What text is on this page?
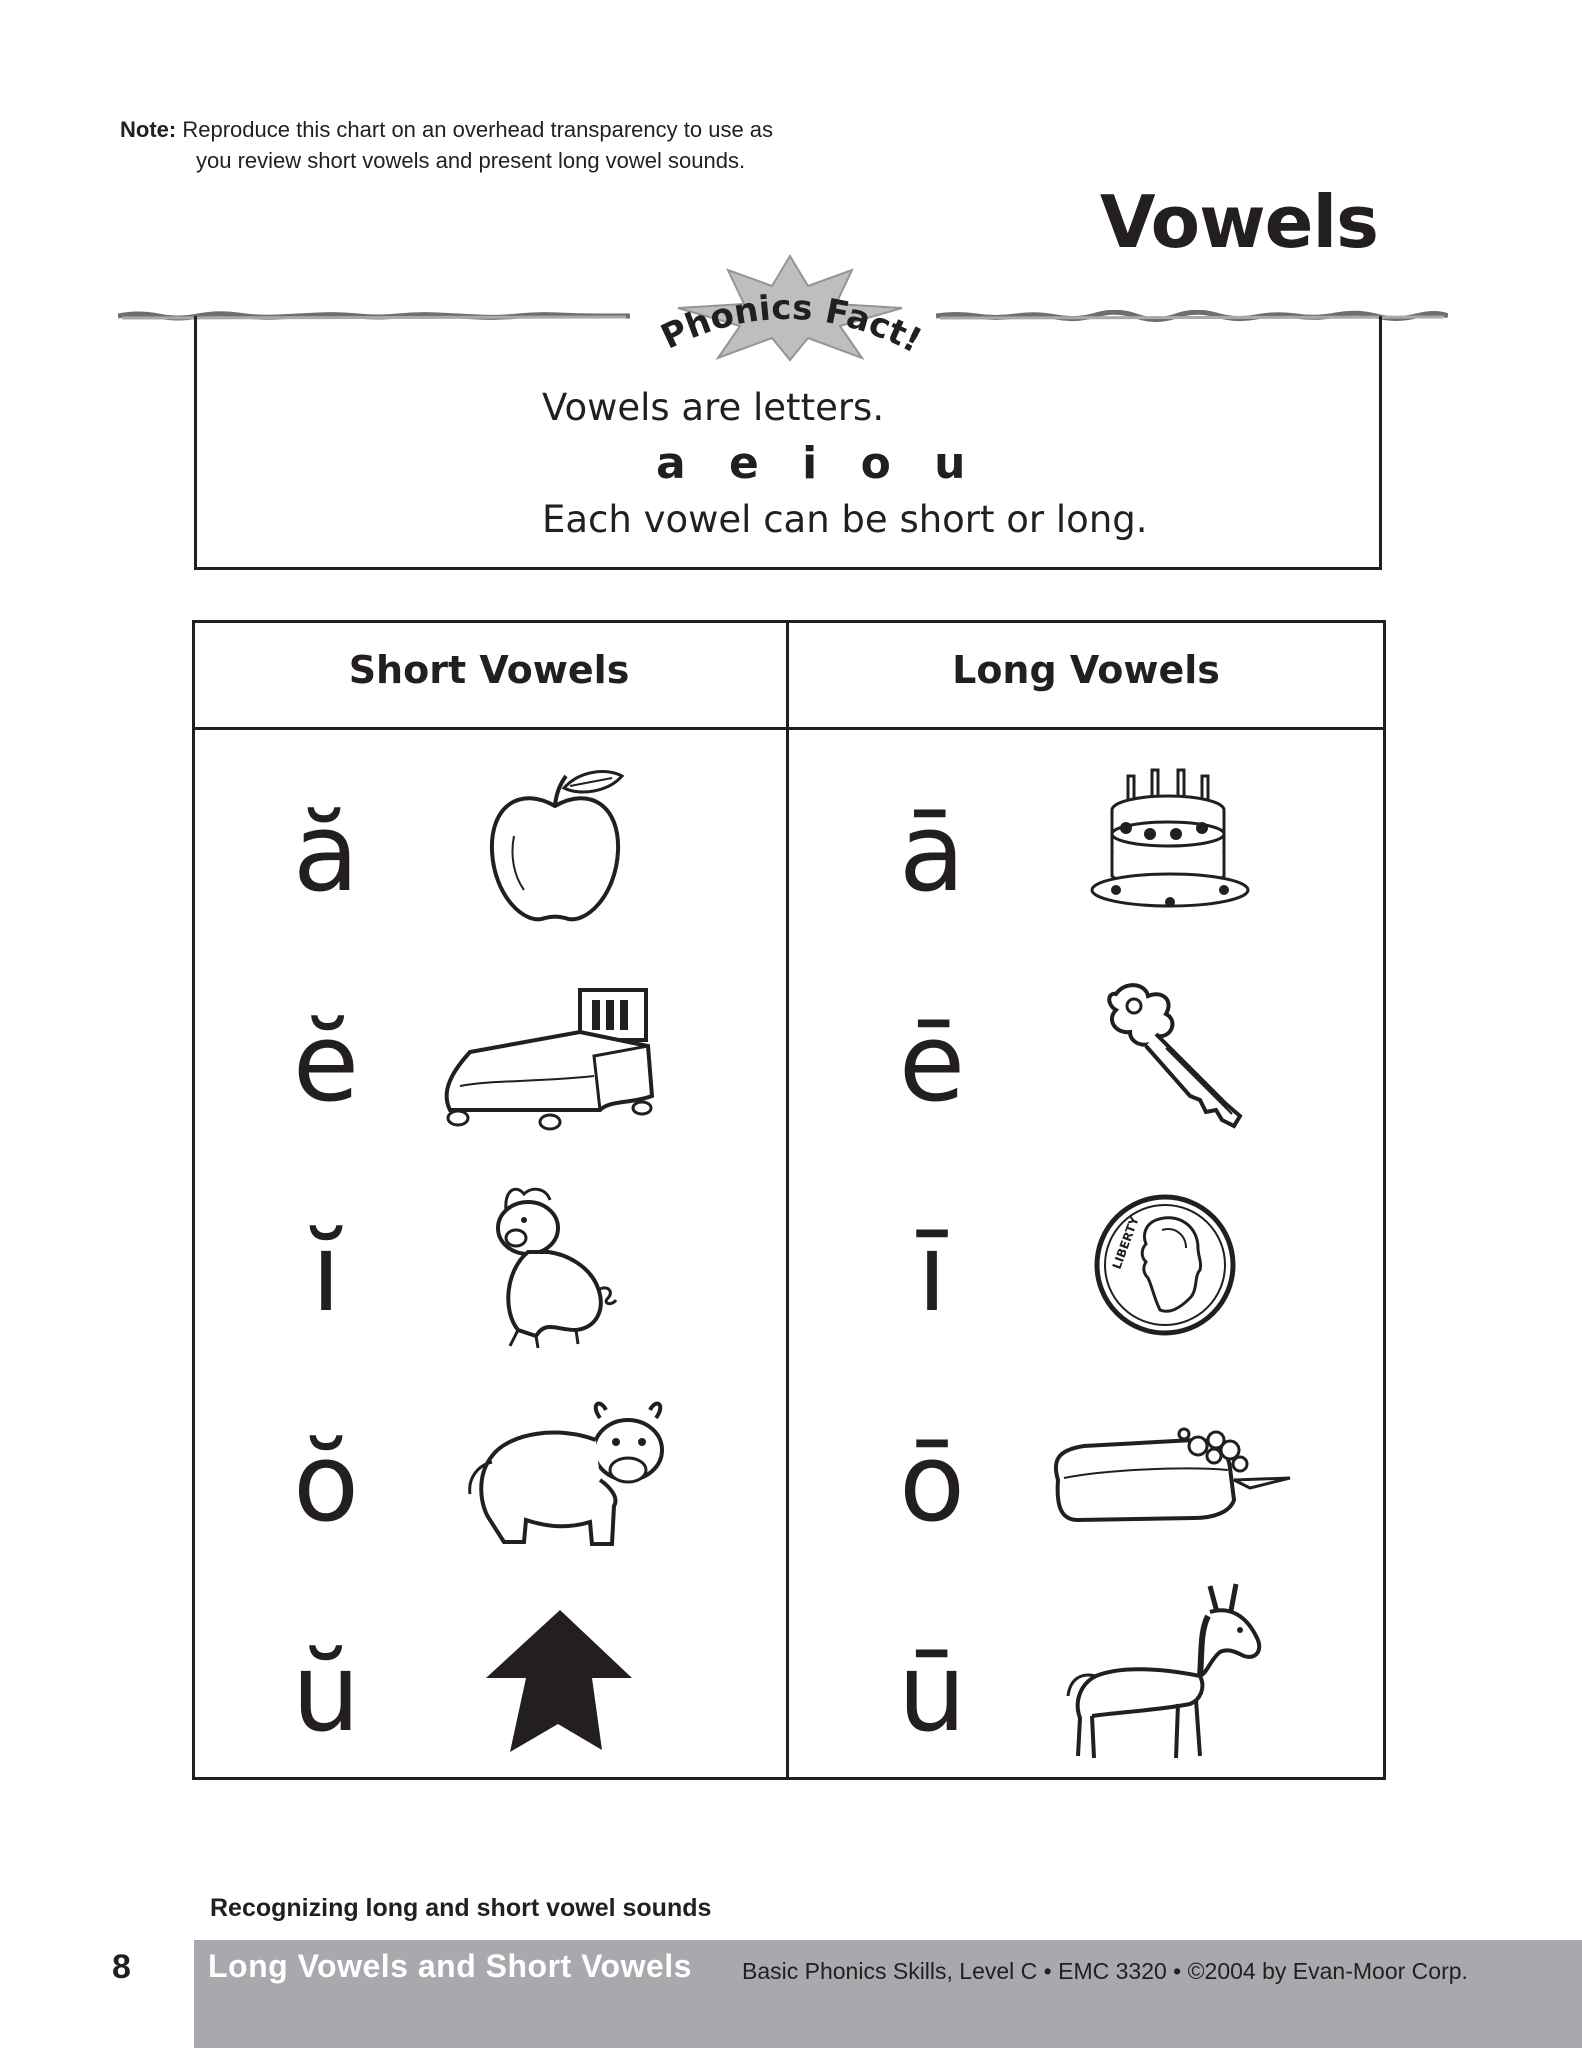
Note: Reproduce this chart on an overhead transparency to use as
you review short vowels and present long vowel sounds.
Vowels
Phonics Fact!
Vowels are letters.
a e i o u
Each vowel can be short or long.
Short Vowels	Long Vowels
ă
ĕ
ĭ
ŏ
ŭ
ā
ē
ī
ō
ū
LIBERTY
Recognizing long and short vowel sounds
8 Long Vowels and Short Vowels Basic Phonics Skills, Level C • EMC 3320 • ©2004 by Evan-Moor Corp.
